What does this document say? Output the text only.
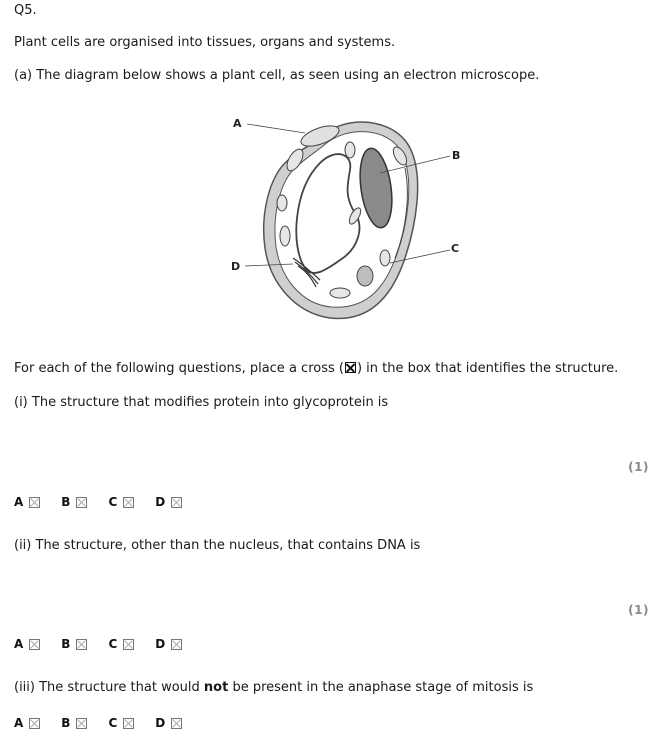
Q5.
Plant cells are organised into tissues, organs and systems.
(a) The diagram below shows a plant cell, as seen using an electron microscope.
A
B
C
D
For each of the following questions, place a cross (☒) in the box that identifies the structure.
(i) The structure that modifies protein into glycoprotein is
(1)
A	B	C	D
(ii) The structure, other than the nucleus, that contains DNA is
(1)
A	B	C	D
(iii) The structure that would not be present in the anaphase stage of mitosis is
A	B	C	D
